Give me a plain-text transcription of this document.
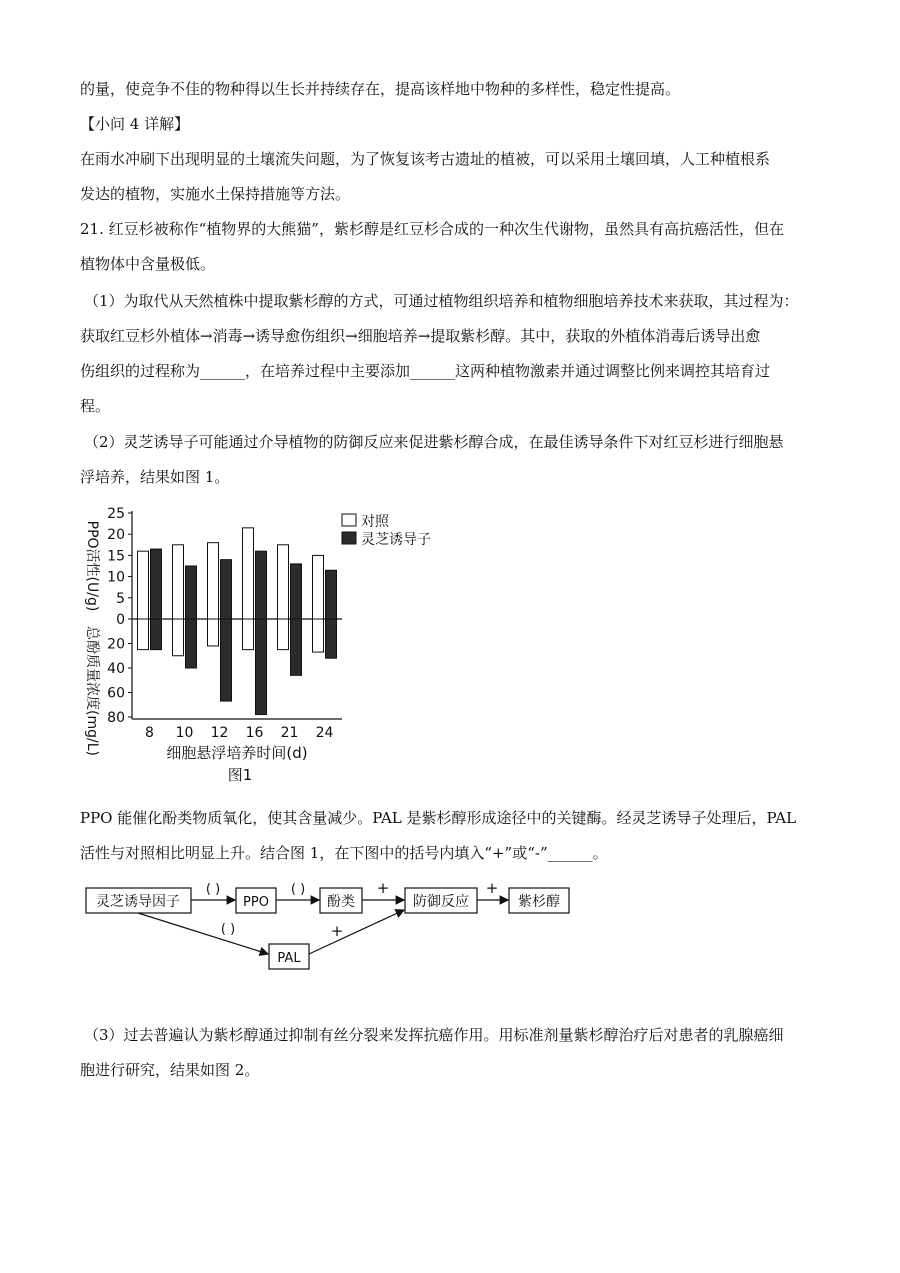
的量，使竞争不佳的物种得以生长并持续存在，提高该样地中物种的多样性，稳定性提高。
【小问 4 详解】
在雨水冲刷下出现明显的土壤流失问题，为了恢复该考古遗址的植被，可以采用土壤回填，人工种植根系
发达的植物，实施水土保持措施等方法。
21. 红豆杉被称作“植物界的大熊猫”，紫杉醇是红豆杉合成的一种次生代谢物，虽然具有高抗癌活性，但在
植物体中含量极低。
（1）为取代从天然植株中提取紫杉醇的方式，可通过植物组织培养和植物细胞培养技术来获取，其过程为：
获取红豆杉外植体→消毒→诱导愈伤组织→细胞培养→提取紫杉醇。其中，获取的外植体消毒后诱导出愈
伤组织的过程称为______，在培养过程中主要添加______这两种植物激素并通过调整比例来调控其培育过
程。
（2）灵芝诱导子可能通过介导植物的防御反应来促进紫杉醇合成，在最佳诱导条件下对红豆杉进行细胞悬
浮培养，结果如图 1。
25
20
15
10
5
0
20
40
60
80
8 10 12 16 21 24
PPO活性(U/g)
总酚质量浓度(mg/L)	细胞悬浮培养时间(d)
图1
对照
灵芝诱导子
PPO 能催化酚类物质氧化，使其含量减少。PAL 是紫杉醇形成途径中的关键酶。经灵芝诱导子处理后，PAL
活性与对照相比明显上升。结合图 1，在下图中的括号内填入“+”或“-”______。
灵芝诱导因子	PPO	酚类	防御反应	紫杉醇
PAL
( )	( )
( )
+	+
+
（3）过去普遍认为紫杉醇通过抑制有丝分裂来发挥抗癌作用。用标准剂量紫杉醇治疗后对患者的乳腺癌细
胞进行研究，结果如图 2。
